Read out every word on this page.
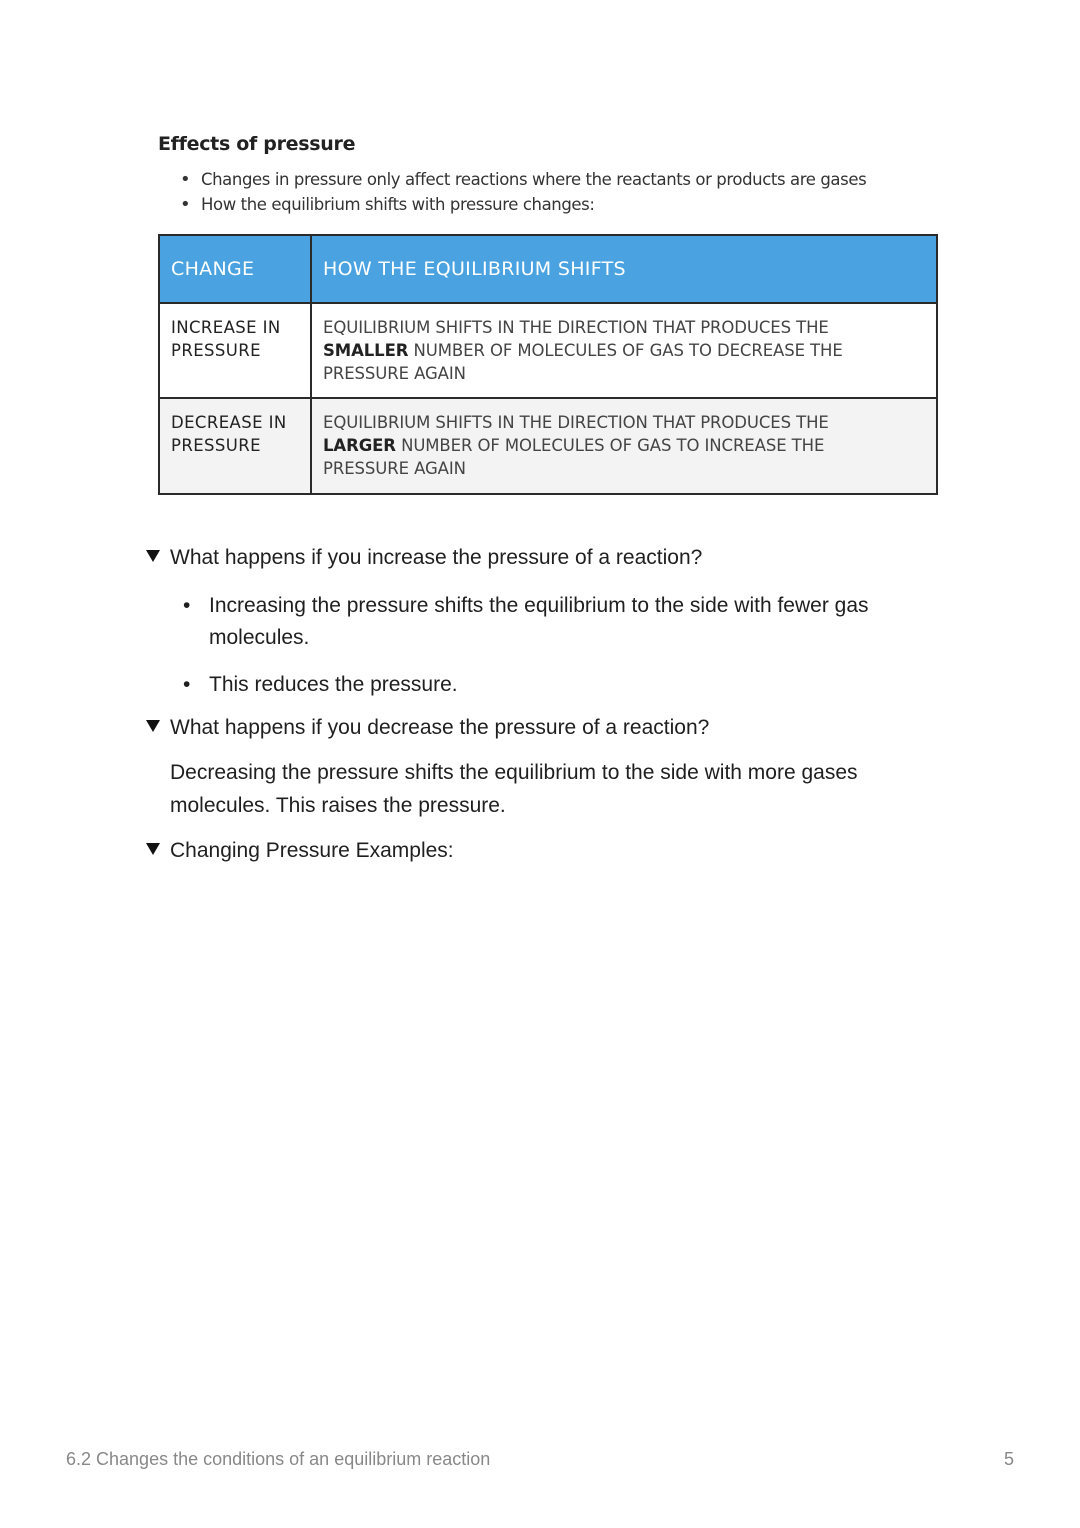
Effects of pressure
• Changes in pressure only affect reactions where the reactants or products are gases
• How the equilibrium shifts with pressure changes:
CHANGE	HOW THE EQUILIBRIUM SHIFTS
INCREASE IN
PRESSURE	EQUILIBRIUM SHIFTS IN THE DIRECTION THAT PRODUCES THE
SMALLER NUMBER OF MOLECULES OF GAS TO DECREASE THE
PRESSURE AGAIN
DECREASE IN
PRESSURE	EQUILIBRIUM SHIFTS IN THE DIRECTION THAT PRODUCES THE
LARGER NUMBER OF MOLECULES OF GAS TO INCREASE THE
PRESSURE AGAIN
What happens if you increase the pressure of a reaction?
• Increasing the pressure shifts the equilibrium to the side with fewer gas molecules.
• This reduces the pressure.
What happens if you decrease the pressure of a reaction?
Decreasing the pressure shifts the equilibrium to the side with more gases molecules. This raises the pressure.
Changing Pressure Examples:
6.2 Changes the conditions of an equilibrium reaction	5
